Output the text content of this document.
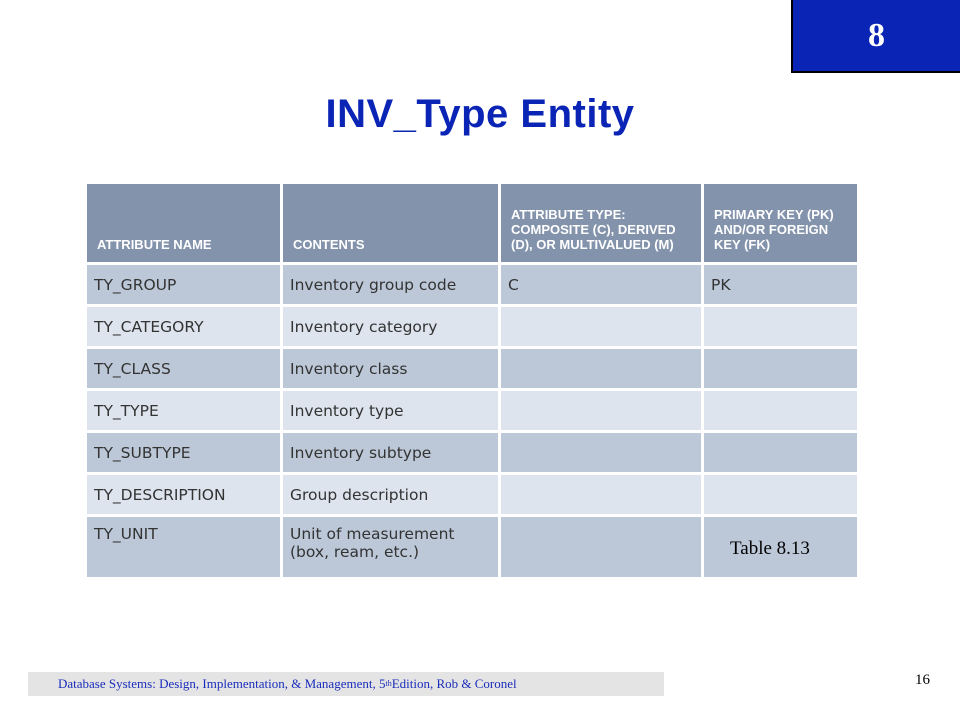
8
INV_Type Entity
ATTRIBUTE NAME	CONTENTS	ATTRIBUTE TYPE: COMPOSITE (C), DERIVED (D), OR MULTIVALUED (M)	PRIMARY KEY (PK) AND/OR FOREIGN KEY (FK)
TY_GROUP	Inventory group code	C	PK
TY_CATEGORY	Inventory category		
TY_CLASS	Inventory class		
TY_TYPE	Inventory type		
TY_SUBTYPE	Inventory subtype		
TY_DESCRIPTION	Group description		
TY_UNIT	Unit of measurement (box, ream, etc.)			Table 8.13
Database Systems: Design, Implementation, & Management, 5 th Edition, Rob & Coronel	16
